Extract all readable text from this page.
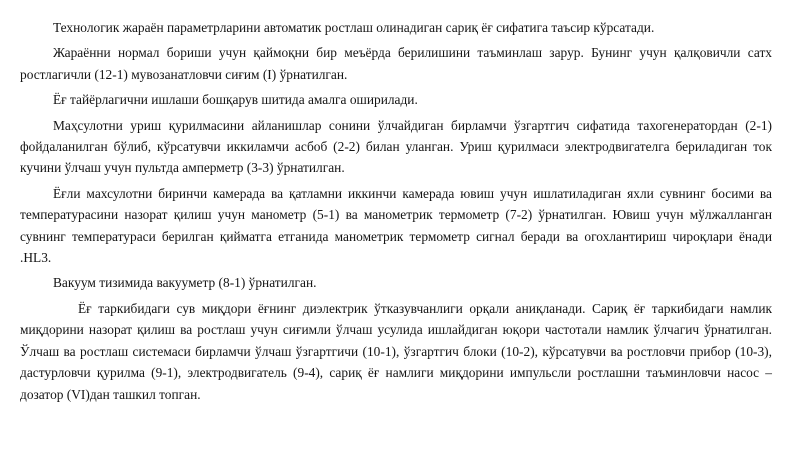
Технологик жараён параметрларини автоматик ростлаш олинадиган сариқ ёғ сифатига таъсир кўрсатади.

Жараённи нормал бориши учун қаймоқни бир меъёрда берилишини таъминлаш зарур. Бунинг учун қалқовичли сатх ростлагичли (12-1) мувозанатловчи сиғим (I) ўрнатилган.

Ёғ тайёрлагични ишлаши бошқарув шитида амалга оширилади.

Маҳсулотни уриш қурилмасини айланишлар сонини ўлчайдиган бирламчи ўзгартгич сифатида тахогенератордан (2-1) фойдаланилган бўлиб, кўрсатувчи иккиламчи асбоб (2-2) билан уланган. Уриш қурилмаси электродвигателга бериладиган ток кучини ўлчаш учун пультда амперметр (3-3) ўрнатилган.

Ёғли махсулотни биринчи камерада ва қатламни иккинчи камерада ювиш учун ишлатиладиган яхли сувнинг босими ва температурасини назорат қилиш учун манометр (5-1) ва манометрик термометр (7-2) ўрнатилган. Ювиш учун мўлжалланган сувнинг температураси берилган қийматга етганида манометрик термометр сигнал беради ва огохлантириш чироқлари ёнади .HL3.

Вакуум тизимида вакууметр (8-1) ўрнатилган.

Ёғ таркибидаги сув миқдори ёғнинг диэлектрик ўтказувчанлиги орқали аниқланади. Сариқ ёғ таркибидаги намлик миқдорини назорат қилиш ва ростлаш учун сиғимли ўлчаш усулида ишлайдиган юқори частотали намлик ўлчагич ўрнатилган. Ўлчаш ва ростлаш системаси бирламчи ўлчаш ўзгартгичи (10-1), ўзгартгич блоки (10-2), кўрсатувчи ва ростловчи прибор (10-3), дастурловчи қурилма (9-1), электродвигатель (9-4), сариқ ёғ намлиги миқдорини импульсли ростлашни таъминловчи насос –дозатор (VI)дан ташкил топган.
